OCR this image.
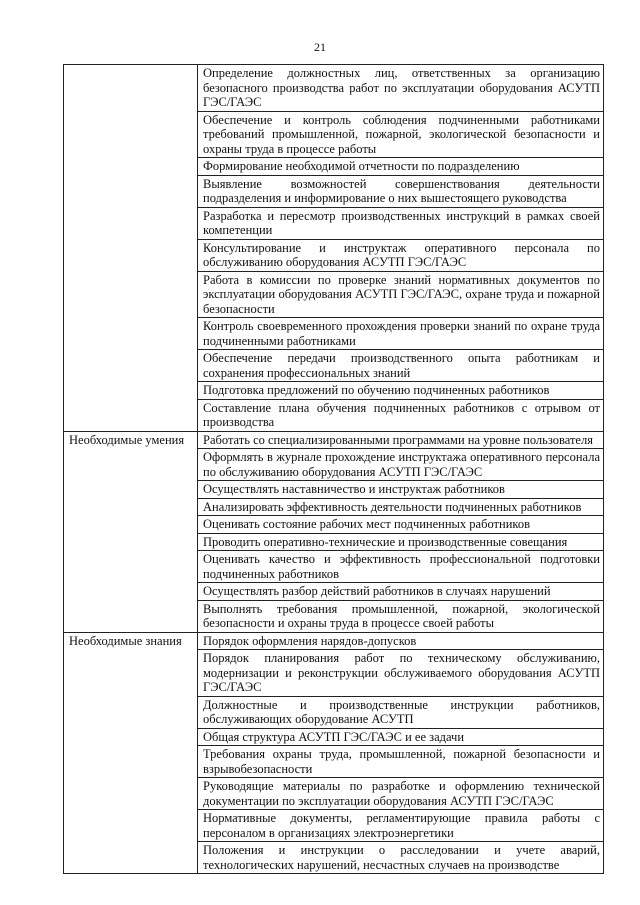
21
	Определение должностных лиц, ответственных за организацию безопасного производства работ по эксплуатации оборудования АСУТП ГЭС/ГАЭС
	Обеспечение и контроль соблюдения подчиненными работниками требований промышленной, пожарной, экологической безопасности и охраны труда в процессе работы
	Формирование необходимой отчетности по подразделению
	Выявление возможностей совершенствования деятельности подразделения и информирование о них вышестоящего руководства
	Разработка и пересмотр производственных инструкций в рамках своей компетенции
	Консультирование и инструктаж оперативного персонала по обслуживанию оборудования АСУТП ГЭС/ГАЭС
	Работа в комиссии по проверке знаний нормативных документов по эксплуатации оборудования АСУТП ГЭС/ГАЭС, охране труда и пожарной безопасности
	Контроль своевременного прохождения проверки знаний по охране труда подчиненными работниками
	Обеспечение передачи производственного опыта работникам и сохранения профессиональных знаний
	Подготовка предложений по обучению подчиненных работников
	Составление плана обучения подчиненных работников с отрывом от производства
Необходимые умения	Работать со специализированными программами на уровне пользователя
	Оформлять в журнале прохождение инструктажа оперативного персонала по обслуживанию оборудования АСУТП ГЭС/ГАЭС
	Осуществлять наставничество и инструктаж работников
	Анализировать эффективность деятельности подчиненных работников
	Оценивать состояние рабочих мест подчиненных работников
	Проводить оперативно-технические и производственные совещания
	Оценивать качество и эффективность профессиональной подготовки подчиненных работников
	Осуществлять разбор действий работников в случаях нарушений
	Выполнять требования промышленной, пожарной, экологической безопасности и охраны труда в процессе своей работы
Необходимые знания	Порядок оформления нарядов-допусков
	Порядок планирования работ по техническому обслуживанию, модернизации и реконструкции обслуживаемого оборудования АСУТП ГЭС/ГАЭС
	Должностные и производственные инструкции работников, обслуживающих оборудование АСУТП
	Общая структура АСУТП ГЭС/ГАЭС и ее задачи
	Требования охраны труда, промышленной, пожарной безопасности и взрывобезопасности
	Руководящие материалы по разработке и оформлению технической документации по эксплуатации оборудования АСУТП ГЭС/ГАЭС
	Нормативные документы, регламентирующие правила работы с персоналом в организациях электроэнергетики
	Положения и инструкции о расследовании и учете аварий, технологических нарушений, несчастных случаев на производстве
